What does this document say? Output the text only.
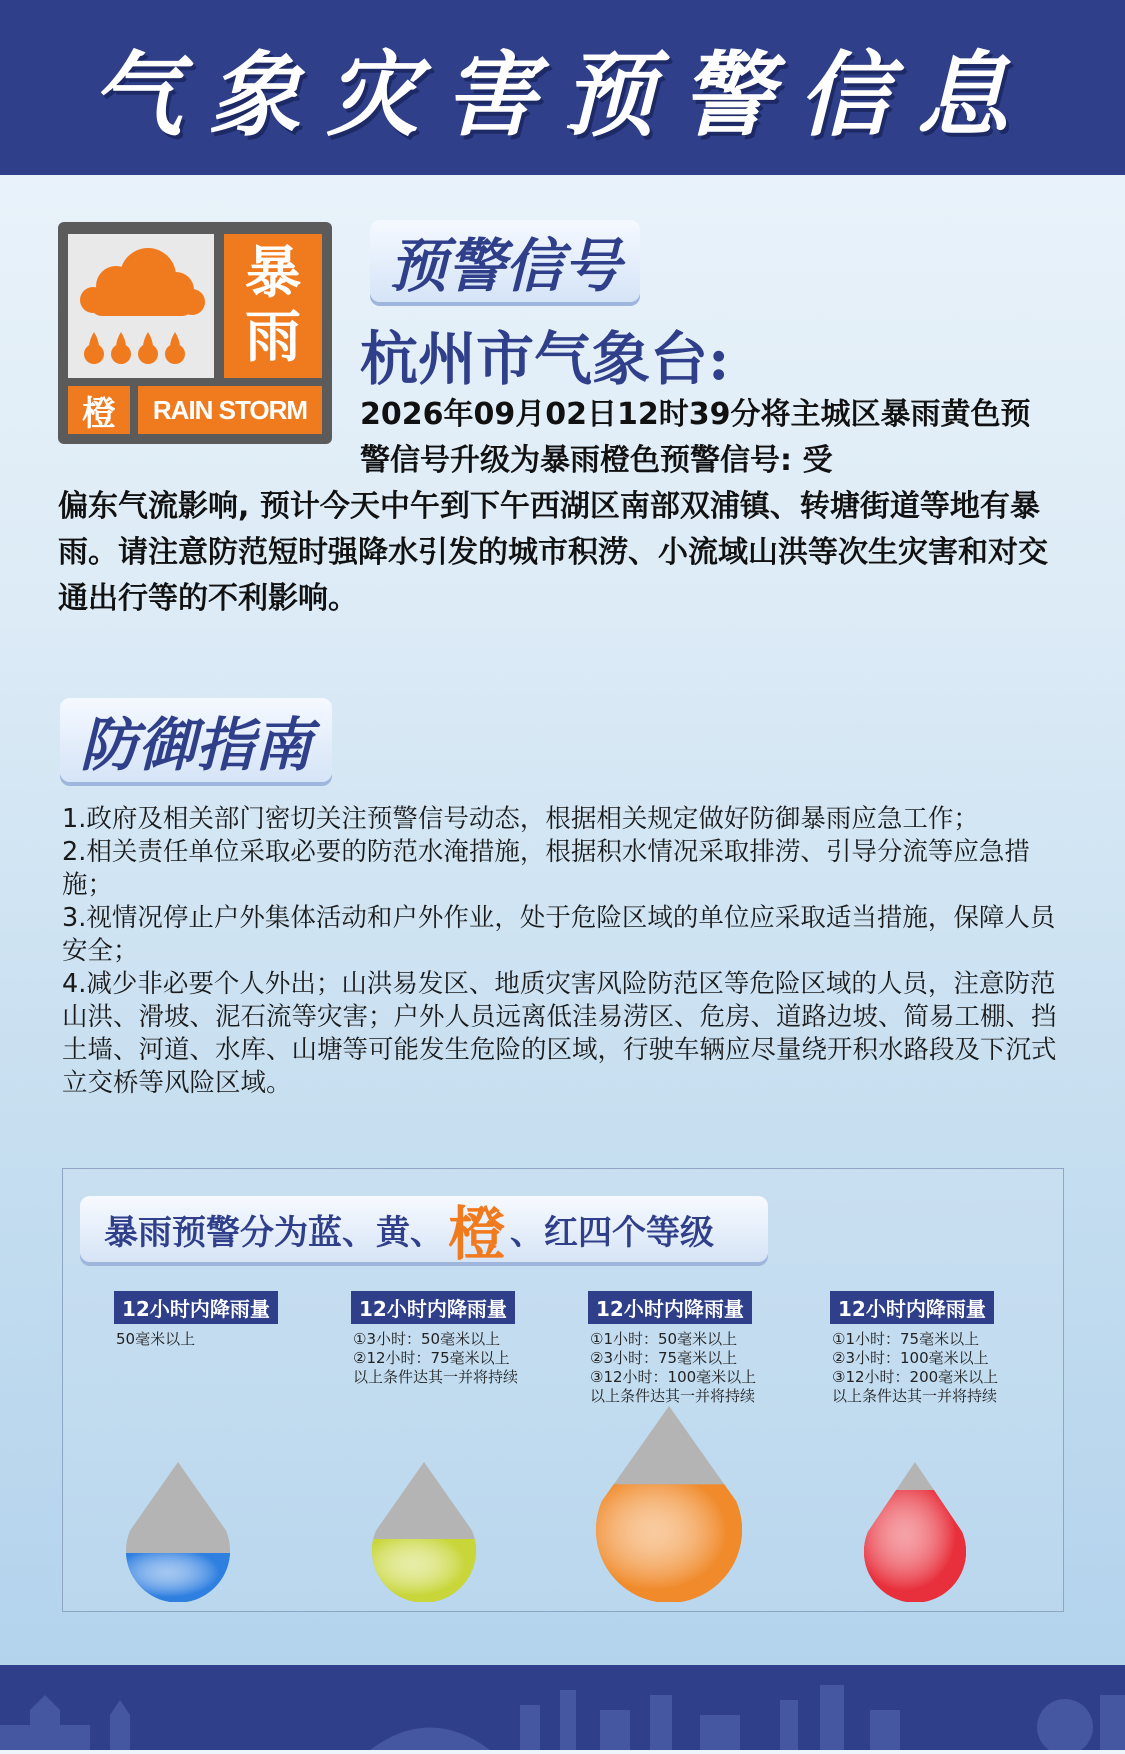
气象灾害预警信息
暴
雨
橙	RAIN STORM
预警信号
杭州市气象台:
2026年09月02日12时39分将主城区暴雨黄色预警信号升级为暴雨橙色预警信号: 受
偏东气流影响, 预计今天中午到下午西湖区南部双浦镇、转塘街道等地有暴雨。请注意防范短时强降水引发的城市积涝、小流域山洪等次生灾害和对交通出行等的不利影响。
防御指南
1.政府及相关部门密切关注预警信号动态，根据相关规定做好防御暴雨应急工作；
2.相关责任单位采取必要的防范水淹措施，根据积水情况采取排涝、引导分流等应急措施；
3.视情况停止户外集体活动和户外作业，处于危险区域的单位应采取适当措施，保障人员安全；
4.减少非必要个人外出；山洪易发区、地质灾害风险防范区等危险区域的人员，注意防范山洪、滑坡、泥石流等灾害；户外人员远离低洼易涝区、危房、道路边坡、简易工棚、挡土墙、河道、水库、山塘等可能发生危险的区域，行驶车辆应尽量绕开积水路段及下沉式立交桥等风险区域。
暴雨预警分为蓝、黄、 橙 、红四个等级
12小时内降雨量
50毫米以上
12小时内降雨量
①3小时：50毫米以上
②12小时：75毫米以上
以上条件达其一并将持续
12小时内降雨量
①1小时：50毫米以上
②3小时：75毫米以上
③12小时：100毫米以上
以上条件达其一并将持续
12小时内降雨量
①1小时：75毫米以上
②3小时：100毫米以上
③12小时：200毫米以上
以上条件达其一并将持续
